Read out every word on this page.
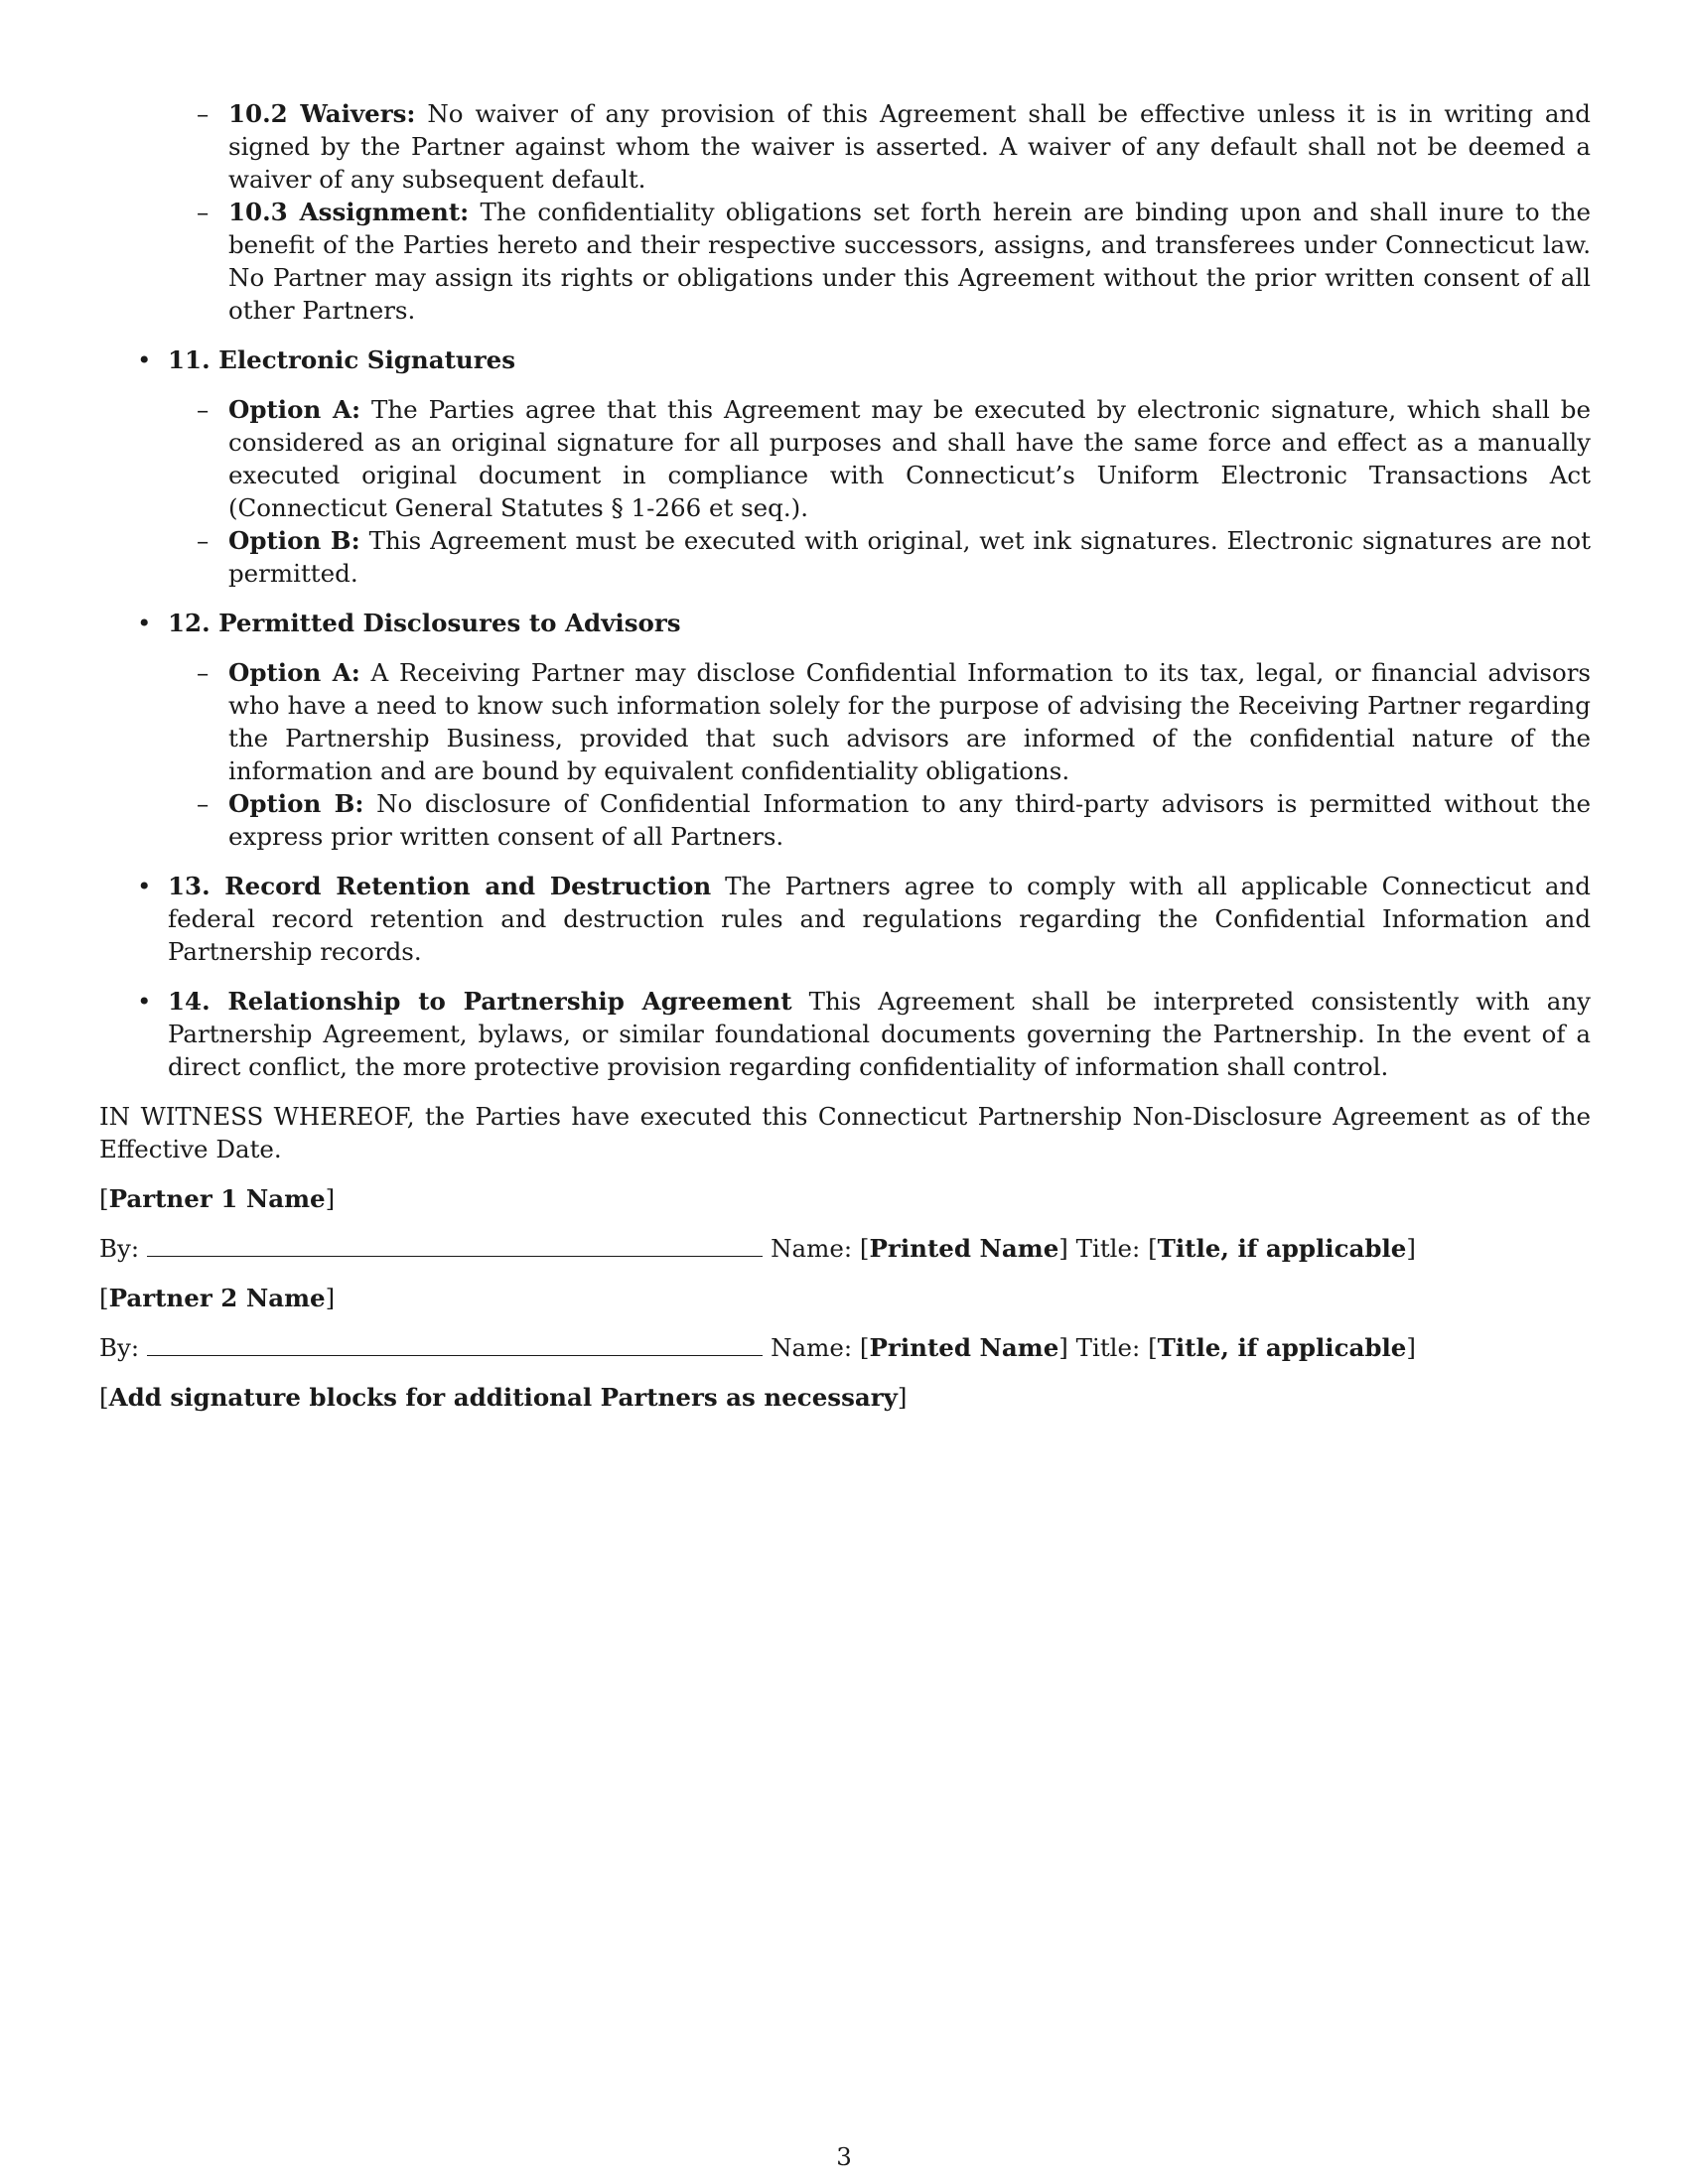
– 10.2 Waivers: No waiver of any provision of this Agreement shall be effective unless it is in writing and signed by the Partner against whom the waiver is asserted. A waiver of any default shall not be deemed a waiver of any subsequent default.
– 10.3 Assignment: The confidentiality obligations set forth herein are binding upon and shall inure to the benefit of the Parties hereto and their respective successors, assigns, and transferees under Connecticut law. No Partner may assign its rights or obligations under this Agreement without the prior written consent of all other Partners.
• 11. Electronic Signatures
– Option A: The Parties agree that this Agreement may be executed by electronic signature, which shall be considered as an original signature for all purposes and shall have the same force and effect as a manually executed original document in compliance with Connecticut’s Uniform Electronic Transactions Act (Connecticut General Statutes § 1-266 et seq.).
– Option B: This Agreement must be executed with original, wet ink signatures. Electronic signatures are not permitted.
• 12. Permitted Disclosures to Advisors
– Option A: A Receiving Partner may disclose Confidential Information to its tax, legal, or financial advisors who have a need to know such information solely for the purpose of advising the Receiving Partner regarding the Partnership Business, provided that such advisors are informed of the confidential nature of the information and are bound by equivalent confidentiality obligations.
– Option B: No disclosure of Confidential Information to any third-party advisors is permitted without the express prior written consent of all Partners.
• 13. Record Retention and Destruction The Partners agree to comply with all applicable Connecticut and federal record retention and destruction rules and regulations regarding the Confidential Information and Partnership records.
• 14. Relationship to Partnership Agreement This Agreement shall be interpreted consistently with any Partnership Agreement, bylaws, or similar foundational documents governing the Partnership. In the event of a direct conflict, the more protective provision regarding confidentiality of information shall control.
IN WITNESS WHEREOF, the Parties have executed this Connecticut Partnership Non-Disclosure Agreement as of the Effective Date.
[Partner 1 Name]
By:	Name: [Printed Name] Title: [Title, if applicable]
[Partner 2 Name]
By:	Name: [Printed Name] Title: [Title, if applicable]
[Add signature blocks for additional Partners as necessary]
3
